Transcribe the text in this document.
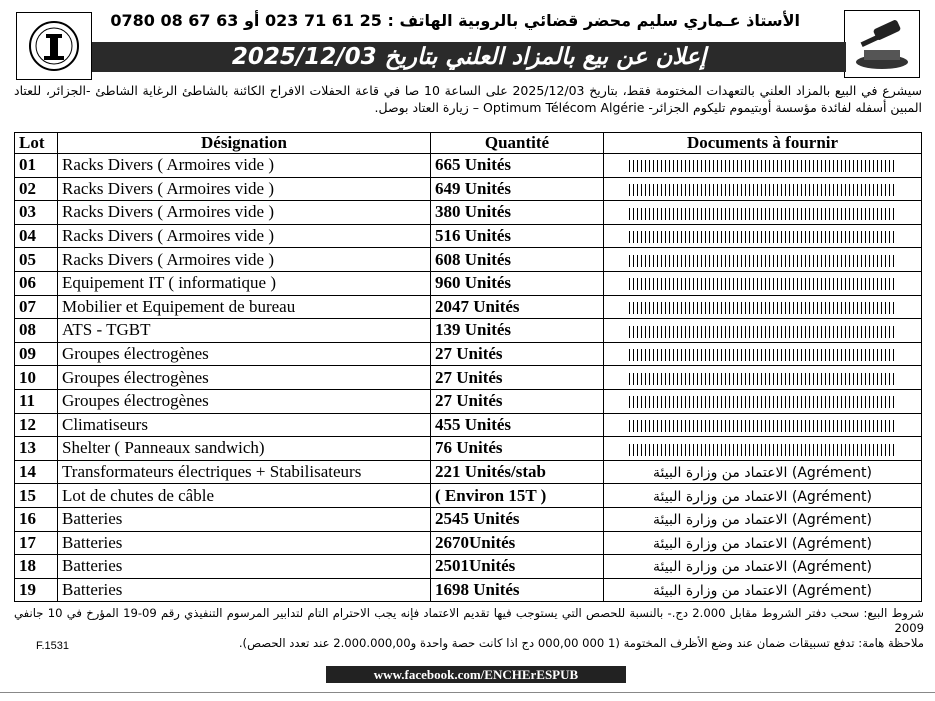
الأستاذ عـماري سليم محضر قضائي بالروبية الهاتف : 25 61 71 023 أو 63 67 08 0780
إعلان عن بيع بالمزاد العلني بتاريخ 2025/12/03
سيشرع في البيع بالمزاد العلني بالتعهدات المختومة فقط، بتاريخ 2025/12/03 على الساعة 10 صا في قاعة الحفلات الافراح الكائنة بالشاطئ الرغاية الشاطئ -الجزائر، للعتاد المبين أسفله لفائدة مؤسسة أوبتيموم تليكوم الجزائر- Optimum Télécom Algérie – زيارة العتاد بوصل.
Lot	Désignation	Quantité	Documents à fournir
01	Racks Divers ( Armoires vide )	665 Unités	
02	Racks Divers ( Armoires vide )	649 Unités	
03	Racks Divers ( Armoires vide )	380 Unités	
04	Racks Divers ( Armoires vide )	516 Unités	
05	Racks Divers ( Armoires vide )	608 Unités	
06	Equipement IT ( informatique )	960 Unités	
07	Mobilier et Equipement de bureau	2047 Unités	
08	ATS - TGBT	139 Unités	
09	Groupes électrogènes	27 Unités	
10	Groupes électrogènes	27 Unités	
11	Groupes électrogènes	27 Unités	
12	Climatiseurs	455 Unités	
13	Shelter ( Panneaux sandwich)	76 Unités	
14	Transformateurs électriques + Stabilisateurs	221 Unités/stab	الاعتماد من وزارة البيئة (Agrément)
15	Lot de chutes de câble	( Environ 15T )	الاعتماد من وزارة البيئة (Agrément)
16	Batteries	2545 Unités	الاعتماد من وزارة البيئة (Agrément)
17	Batteries	2670Unités	الاعتماد من وزارة البيئة (Agrément)
18	Batteries	2501Unités	الاعتماد من وزارة البيئة (Agrément)
19	Batteries	1698 Unités	الاعتماد من وزارة البيئة (Agrément)
شروط البيع: سحب دفتر الشروط مقابل 2.000 دج.- بالنسبة للحصص التي يستوجب فيها تقديم الاعتماد فإنه يجب الاحترام التام لتدابير المرسوم التنفيذي رقم 09-19 المؤرخ في 10 جانفي 2009
ملاحظة هامة: تدفع تسبيقات ضمان عند وضع الأظرف المختومة (1 000 000,00 دج اذا كانت حصة واحدة و2.000.000,00 عند تعدد الحصص).
F.1531
www.facebook.com/ENCHErESPUB
